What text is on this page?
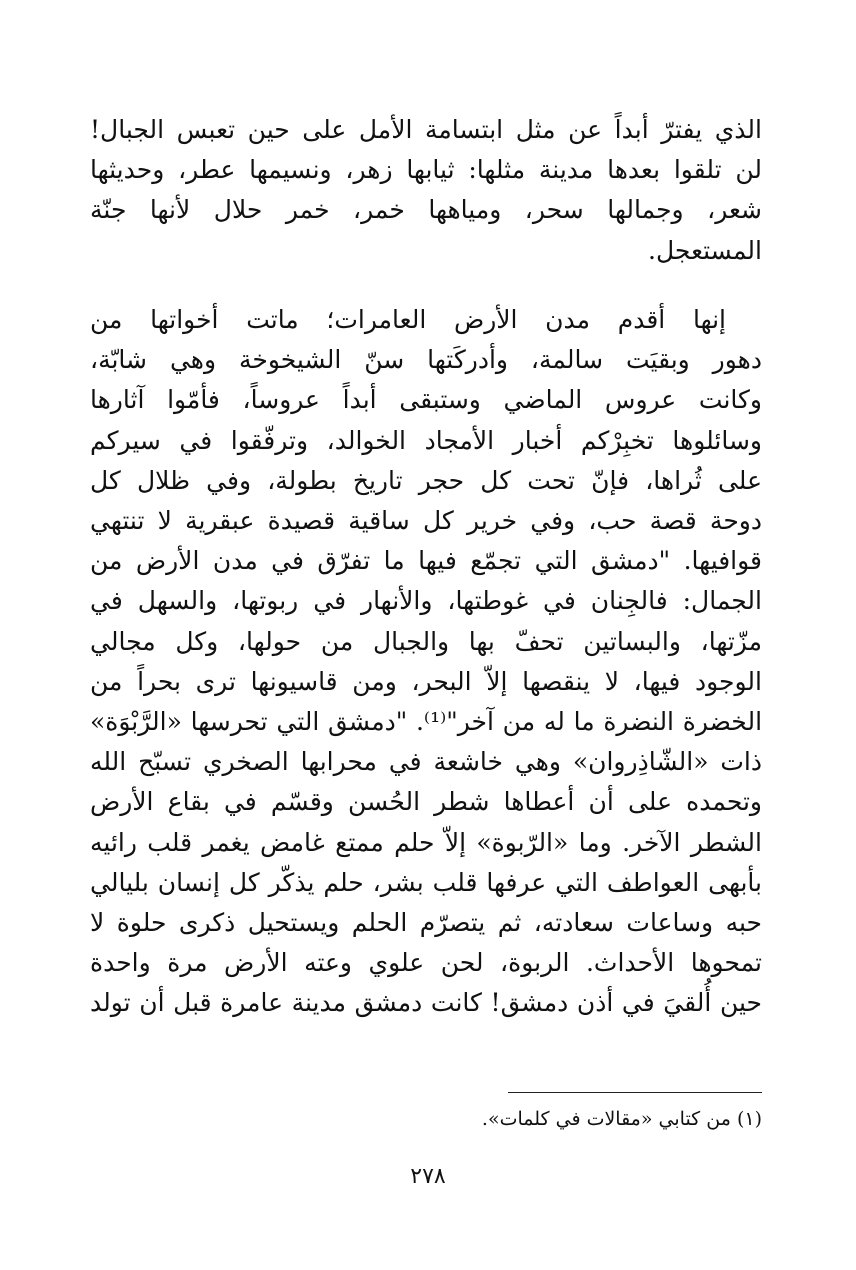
الذي يفترّ أبداً عن مثل ابتسامة الأمل على حين تعبس الجبال!
لن تلقوا بعدها مدينة مثلها: ثيابها زهر، ونسيمها عطر، وحديثها
شعر، وجمالها سحر، ومياهها خمر، خمر حلال لأنها جنّة
المستعجل.
إنها أقدم مدن الأرض العامرات؛ ماتت أخواتها من
دهور وبقيَت سالمة، وأدركَتها سنّ الشيخوخة وهي شابّة،
وكانت عروس الماضي وستبقى أبداً عروساً، فأمّوا آثارها
وسائلوها تخبِرْكم أخبار الأمجاد الخوالد، وترفّقوا في سيركم
على ثُراها، فإنّ تحت كل حجر تاريخ بطولة، وفي ظلال كل
دوحة قصة حب، وفي خرير كل ساقية قصيدة عبقرية لا تنتهي
قوافيها. "دمشق التي تجمّع فيها ما تفرّق في مدن الأرض من
الجمال: فالجِنان في غوطتها، والأنهار في ربوتها، والسهل في
مزّتها، والبساتين تحفّ بها والجبال من حولها، وكل مجالي
الوجود فيها، لا ينقصها إلاّ البحر، ومن قاسيونها ترى بحراً من
الخضرة النضرة ما له من آخر"⁽¹⁾. "دمشق التي تحرسها «الرَّبْوَة»
ذات «الشّاذِروان» وهي خاشعة في محرابها الصخري تسبّح الله
وتحمده على أن أعطاها شطر الحُسن وقسّم في بقاع الأرض
الشطر الآخر. وما «الرّبوة» إلاّ حلم ممتع غامض يغمر قلب رائيه
بأبهى العواطف التي عرفها قلب بشر، حلم يذكّر كل إنسان بليالي
حبه وساعات سعادته، ثم يتصرّم الحلم ويستحيل ذكرى حلوة لا
تمحوها الأحداث. الربوة، لحن علوي وعته الأرض مرة واحدة
حين أُلقيَ في أذن دمشق! كانت دمشق مدينة عامرة قبل أن تولد
(١) من كتابي «مقالات في كلمات».
٢٧٨
